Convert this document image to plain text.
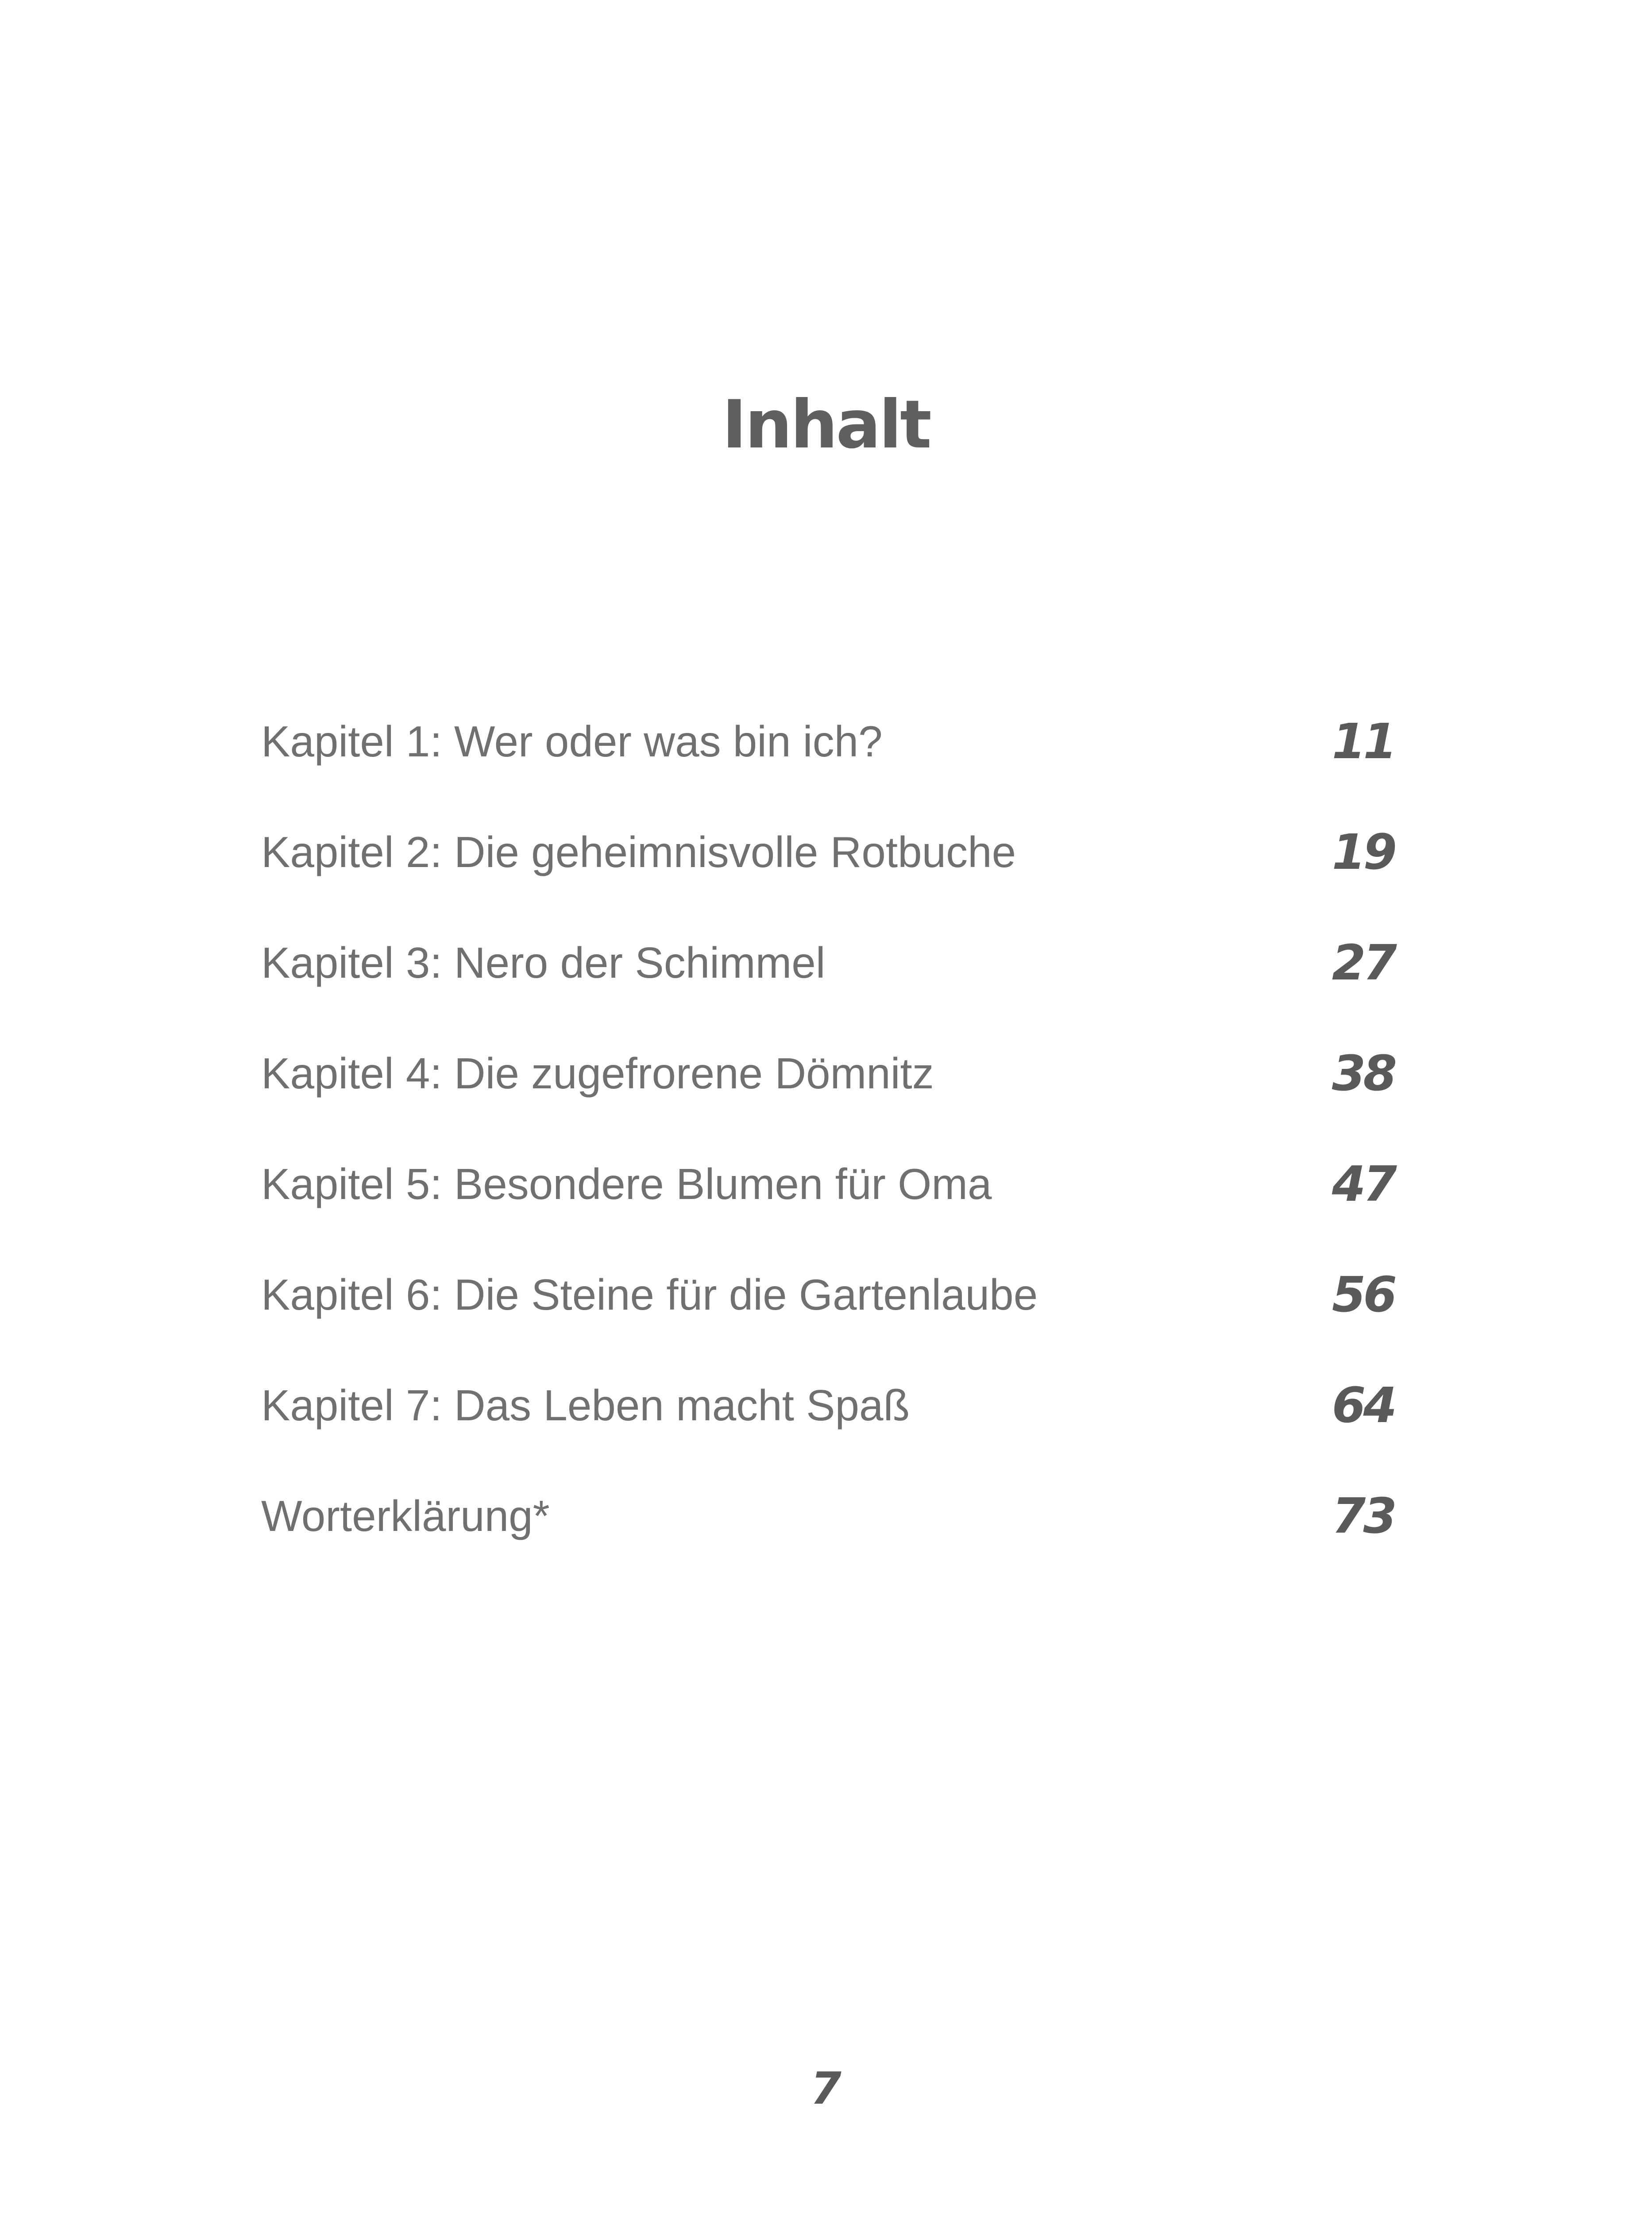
Inhalt
Kapitel 1: Wer oder was bin ich?	11
Kapitel 2: Die geheimnisvolle Rotbuche	19
Kapitel 3: Nero der Schimmel	27
Kapitel 4: Die zugefrorene Dömnitz	38
Kapitel 5: Besondere Blumen für Oma	47
Kapitel 6: Die Steine für die Gartenlaube	56
Kapitel 7: Das Leben macht Spaß	64
Worterklärung*	73
7
